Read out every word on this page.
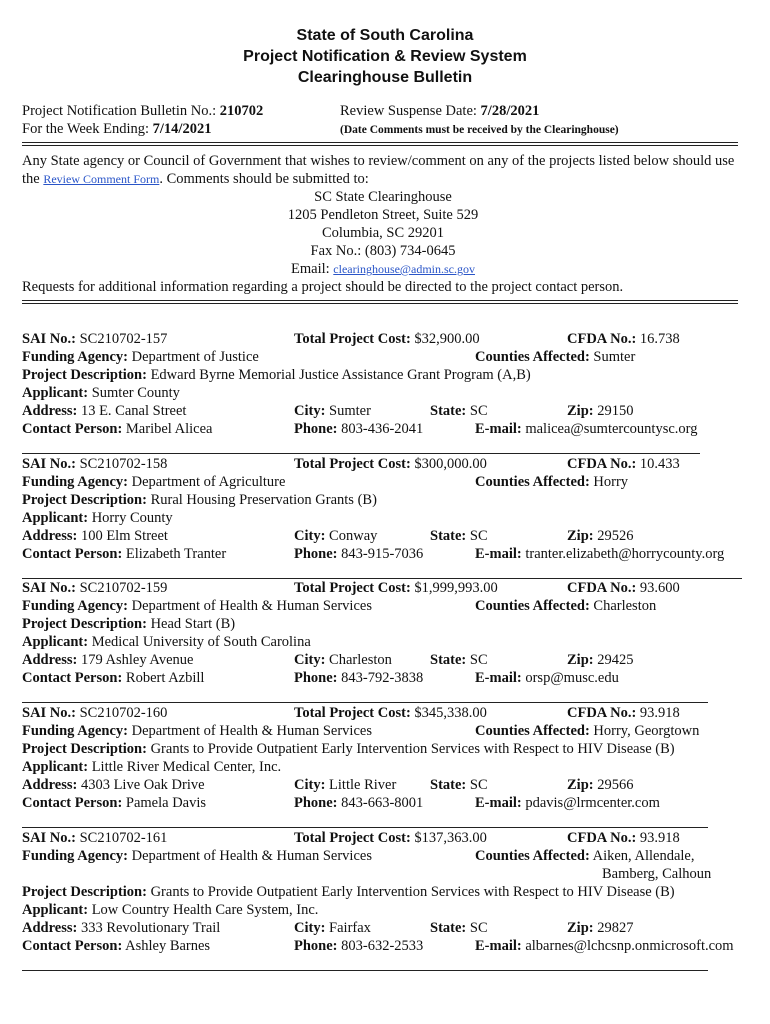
State of South Carolina
Project Notification & Review System
Clearinghouse Bulletin
Project Notification Bulletin No.: 210702
For the Week Ending: 7/14/2021
Review Suspense Date: 7/28/2021
(Date Comments must be received by the Clearinghouse)
Any State agency or Council of Government that wishes to review/comment on any of the projects listed below should use the Review Comment Form. Comments should be submitted to:
SC State Clearinghouse
1205 Pendleton Street, Suite 529
Columbia, SC 29201
Fax No.: (803) 734-0645
Email: clearinghouse@admin.sc.gov
Requests for additional information regarding a project should be directed to the project contact person.
SAI No.: SC210702-157	Total Project Cost: $32,900.00	CFDA No.: 16.738
Funding Agency: Department of Justice	Counties Affected: Sumter
Project Description: Edward Byrne Memorial Justice Assistance Grant Program (A,B)
Applicant: Sumter County
Address: 13 E. Canal Street	City: Sumter	State: SC	Zip: 29150
Contact Person: Maribel Alicea	Phone: 803-436-2041	E-mail: malicea@sumtercountysc.org
SAI No.: SC210702-158	Total Project Cost: $300,000.00	CFDA No.: 10.433
Funding Agency: Department of Agriculture	Counties Affected: Horry
Project Description: Rural Housing Preservation Grants (B)
Applicant: Horry County
Address: 100 Elm Street	City: Conway	State: SC	Zip: 29526
Contact Person: Elizabeth Tranter	Phone: 843-915-7036	E-mail: tranter.elizabeth@horrycounty.org
SAI No.: SC210702-159	Total Project Cost: $1,999,993.00	CFDA No.: 93.600
Funding Agency: Department of Health & Human Services	Counties Affected: Charleston
Project Description: Head Start (B)
Applicant: Medical University of South Carolina
Address: 179 Ashley Avenue	City: Charleston	State: SC	Zip: 29425
Contact Person: Robert Azbill	Phone: 843-792-3838	E-mail: orsp@musc.edu
SAI No.: SC210702-160	Total Project Cost: $345,338.00	CFDA No.: 93.918
Funding Agency: Department of Health & Human Services	Counties Affected: Horry, Georgtown
Project Description: Grants to Provide Outpatient Early Intervention Services with Respect to HIV Disease (B)
Applicant: Little River Medical Center, Inc.
Address: 4303 Live Oak Drive	City: Little River State: SC	Zip: 29566
Contact Person: Pamela Davis	Phone: 843-663-8001	E-mail: pdavis@lrmcenter.com
SAI No.: SC210702-161	Total Project Cost: $137,363.00	CFDA No.: 93.918
Funding Agency: Department of Health & Human Services	Counties Affected: Aiken, Allendale,
Bamberg, Calhoun
Project Description: Grants to Provide Outpatient Early Intervention Services with Respect to HIV Disease (B)
Applicant: Low Country Health Care System, Inc.
Address: 333 Revolutionary Trail	City: Fairfax	State: SC	Zip: 29827
Contact Person: Ashley Barnes	Phone: 803-632-2533	E-mail: albarnes@lchcsnp.onmicrosoft.com
